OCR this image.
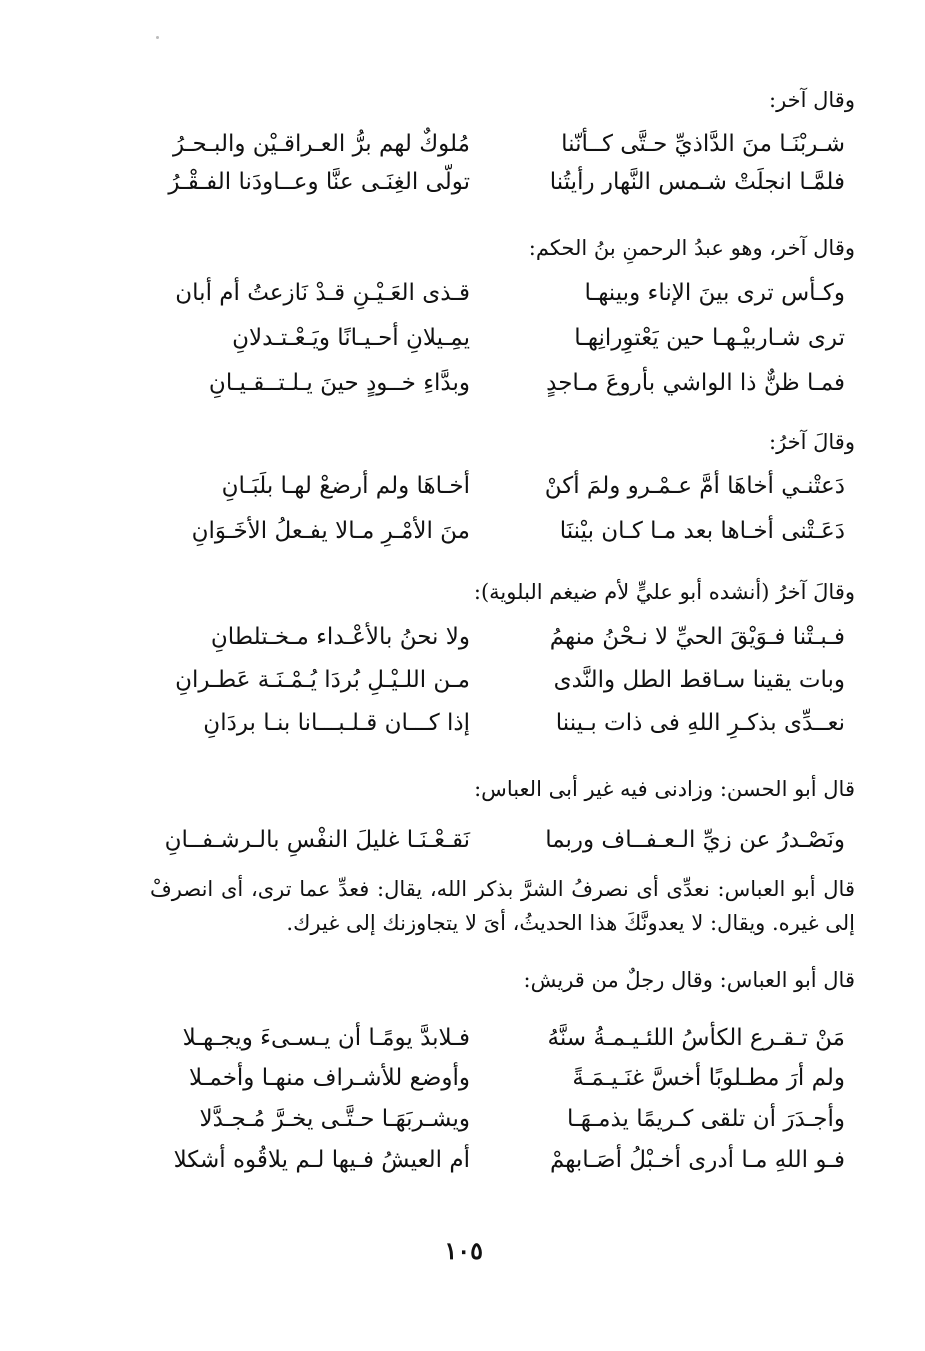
وقال آخر:
شـربْنَـا منَ الدَّاذيِّ حـتَّى كــأنّنا
مُلوكٌ لهم برُّ العـراقـيْن والبـحـرُ
فلمَّـا انجلَتْ شـمس النَّهار رأيتُنا
تولّى الغِنَـى عنَّا وعــاودَنا الفـقْـرُ
وقال آخر، وهو عبدُ الرحمنِ بنُ الحكم:
وكـأس ترى بينَ الإناء وبينهـا
قـذى العَـيْـنِ قـدْ نَازعتُ أم أبان
ترى شـاربيْـهـا حين يَعْتوِرانِهـا
يمِـيلانِ أحـيـانًا ويَـعْـتـدلانِ
فمـا ظنٌّ ذا الواشي بأروعَ مـاجدٍ
وبدَّاءِ خــودٍ حينَ يـلـتــقـيـانِ
وقالَ آخرُ:
دَعتْنـي أخاهَا أمَّ عـمْـرو ولمَ أكنْ
أخـاهَا ولم أرضعْ لهـا بلَبَـانِ
دَعَـتْنى أخـاها بعد مـا كـان بيْننَا
منَ الأمْـرِ مـالا يفـعلُ الأخَـوَانِ
وقالَ آخرُ (أنشده أبو عليٍّ لأم ضيغم البلوية):
فـبـتْنا فـوَيْقَ الحيِّ لا نـحْنُ منهمُ
ولا نحنُ بالأعْـداء مـخـتلطانِ
وبات يقينا سـاقط الطل والنَّدى
مـن اللـيْـلِ بُردَا يُـمْـنَـة عَطـرانِ
نعــدِّى بذكـرِ اللهِ فى ذات بـيننا
إذا كـــان قـلـبـــانا بنـا بردَانِ
قال أبو الحسن: وزادنى فيه غير أبى العباس:
ونَصْـدرُ عن زيِّ الـعـفــاف وربما
نَقـعْـنَـا غليلَ النفْسِ بالـرشـفــانِ
قال أبو العباس: نعدِّى أى نصرفُ الشرَّ بذكر الله، يقال: فعدِّ عما ترى، أى انصرفْ إلى غيره. ويقال: لا يعدونَّكَ هذا الحديثُ، أىَ لا يتجاوزنك إلى غيرك.
قال أبو العباس: وقال رجلٌ من قريش:
مَنْ تـقـرع الكأسُ اللئـيـمـةُ سنَّهُ
فـلابدَّ يومًـا أن يـسـىءَ ويجـهـلا
ولم أرَ مطـلوبًا أخسَّ غنَـيـمَـةً
وأوضع للأشـراف منهـا وأخمـلا
وأجـدَرَ أن تلقى كـريمًا يذمـهَـا
ويشـربَهَـا حـتَّـى يخـرَّ مُـجـدَّلا
فـو اللهِ مـا أدرى أخـبْلُ أصَـابهمْ
أم العيشُ فـيها لـم يلاقُوه أشكلا
١٠٥
